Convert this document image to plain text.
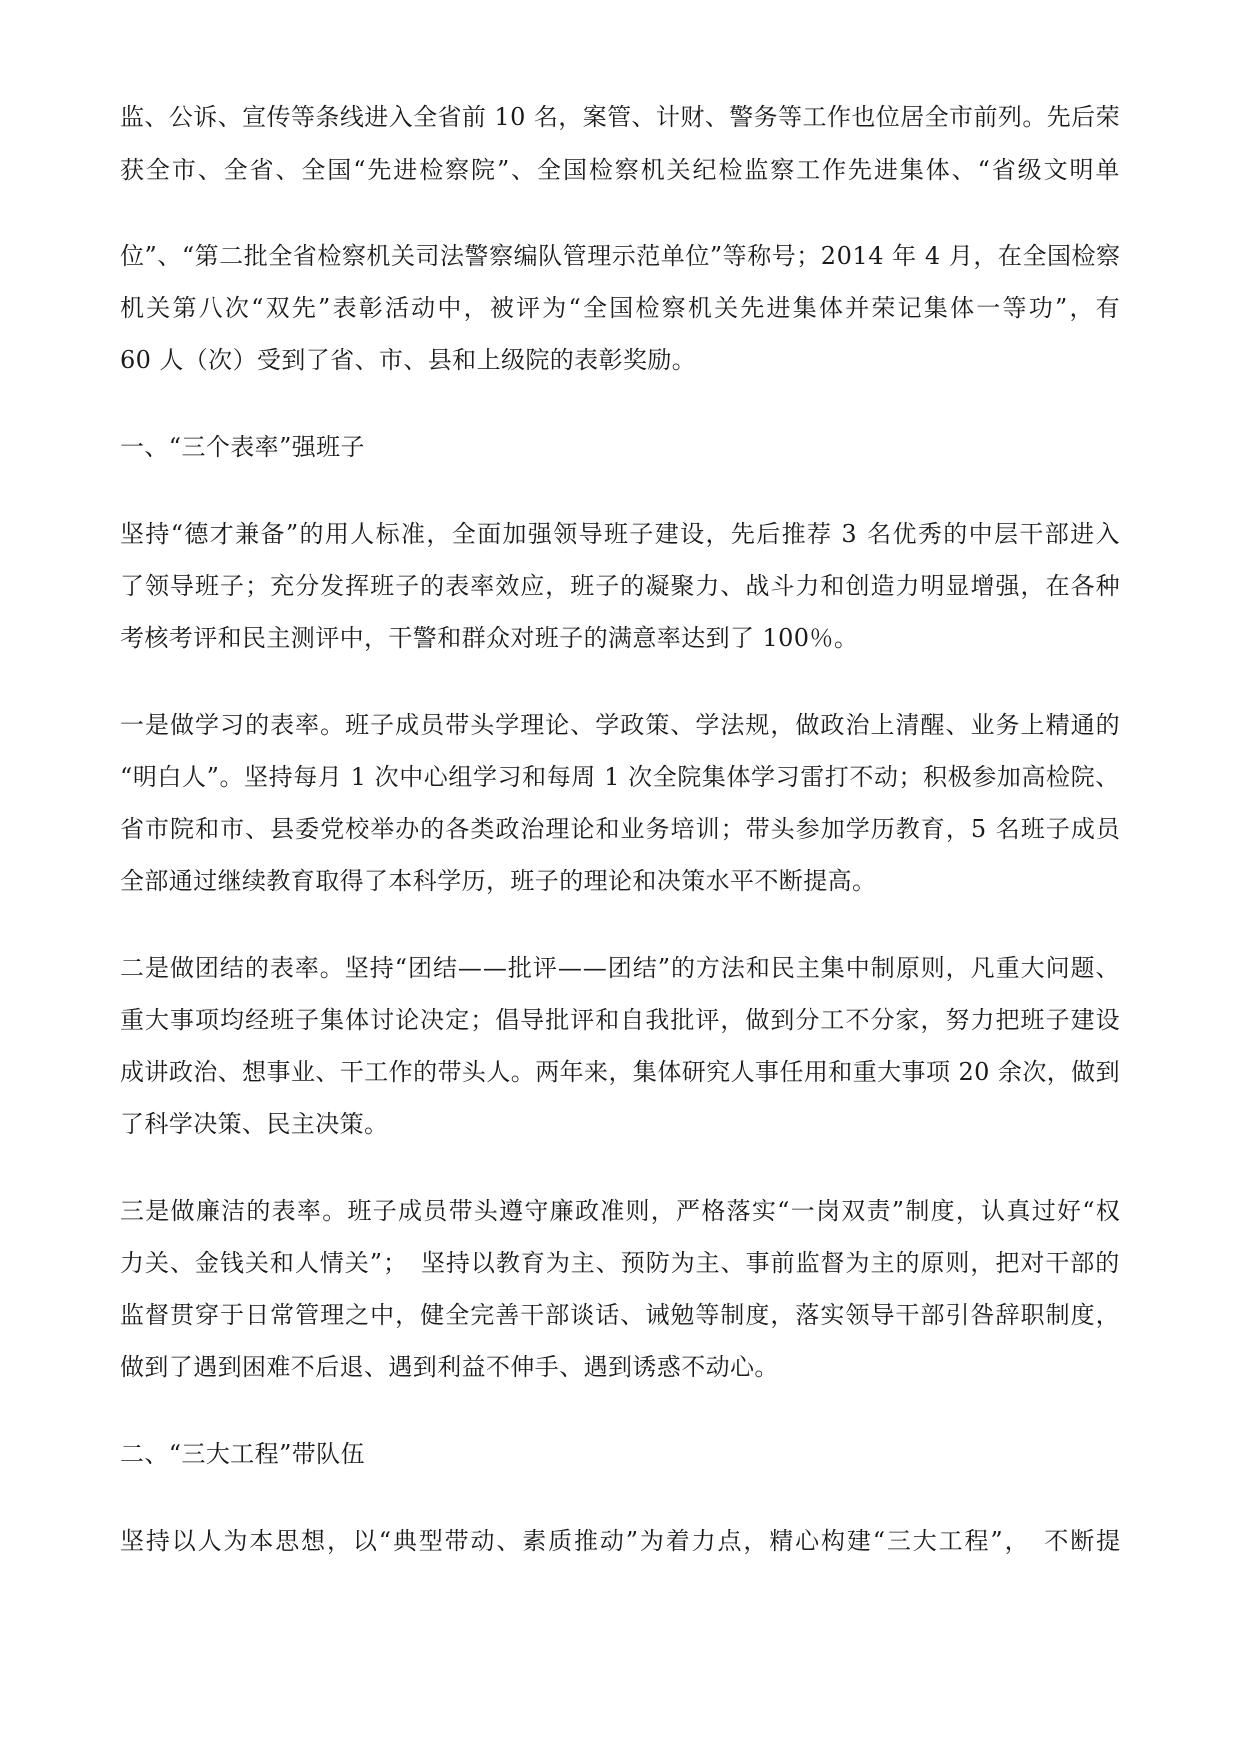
监、公诉、宣传等条线进入全省前 10 名，案管、计财、警务等工作也位居全市前列。先后荣
获全市、全省、全国“先进检察院”、全国检察机关纪检监察工作先进集体、“省级文明单
位”、“第二批全省检察机关司法警察编队管理示范单位”等称号；2014 年 4 月，在全国检察
机关第八次“双先”表彰活动中，被评为“全国检察机关先进集体并荣记集体一等功”，有
60 人（次）受到了省、市、县和上级院的表彰奖励。
一、“三个表率”强班子
坚持“德才兼备”的用人标准，全面加强领导班子建设，先后推荐 3 名优秀的中层干部进入
了领导班子；充分发挥班子的表率效应，班子的凝聚力、战斗力和创造力明显增强，在各种
考核考评和民主测评中，干警和群众对班子的满意率达到了 100％。
一是做学习的表率。班子成员带头学理论、学政策、学法规，做政治上清醒、业务上精通的
“明白人”。坚持每月 1 次中心组学习和每周 1 次全院集体学习雷打不动；积极参加高检院、
省市院和市、县委党校举办的各类政治理论和业务培训；带头参加学历教育，5 名班子成员
全部通过继续教育取得了本科学历，班子的理论和决策水平不断提高。
二是做团结的表率。坚持“团结——批评——团结”的方法和民主集中制原则，凡重大问题、
重大事项均经班子集体讨论决定；倡导批评和自我批评，做到分工不分家，努力把班子建设
成讲政治、想事业、干工作的带头人。两年来，集体研究人事任用和重大事项 20 余次，做到
了科学决策、民主决策。
三是做廉洁的表率。班子成员带头遵守廉政准则，严格落实“一岗双责”制度，认真过好“权
力关、金钱关和人情关”；　坚持以教育为主、预防为主、事前监督为主的原则，把对干部的
监督贯穿于日常管理之中，健全完善干部谈话、诫勉等制度，落实领导干部引咎辞职制度，
做到了遇到困难不后退、遇到利益不伸手、遇到诱惑不动心。
二、“三大工程”带队伍
坚持以人为本思想，以“典型带动、素质推动”为着力点，精心构建“三大工程”，　不断提
